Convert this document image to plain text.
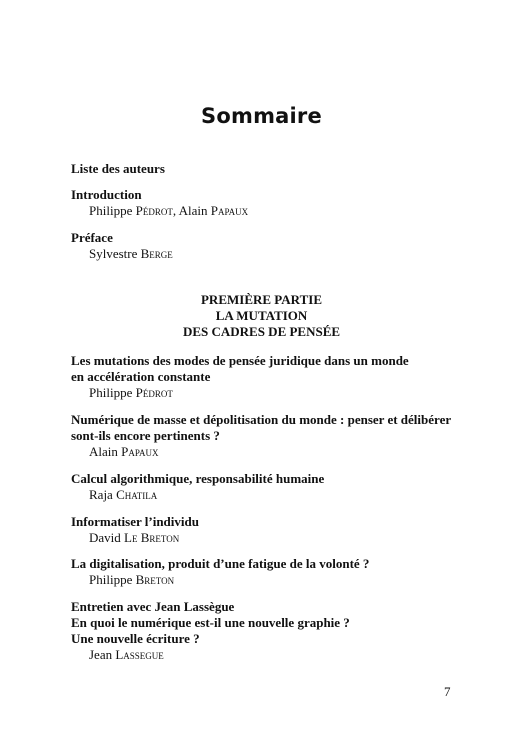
Sommaire
Liste des auteurs
Introduction
Philippe Pédrot, Alain Papaux
Préface
Sylvestre Berge
PREMIÈRE PARTIE
LA MUTATION
DES CADRES DE PENSÉE
Les mutations des modes de pensée juridique dans un monde
en accélération constante
Philippe Pédrot
Numérique de masse et dépolitisation du monde : penser et délibérer
sont-ils encore pertinents ?
Alain Papaux
Calcul algorithmique, responsabilité humaine
Raja Chatila
Informatiser l’individu
David Le Breton
La digitalisation, produit d’une fatigue de la volonté ?
Philippe Breton
Entretien avec Jean Lassègue
En quoi le numérique est-il une nouvelle graphie ?
Une nouvelle écriture ?
Jean Lassegue
7
